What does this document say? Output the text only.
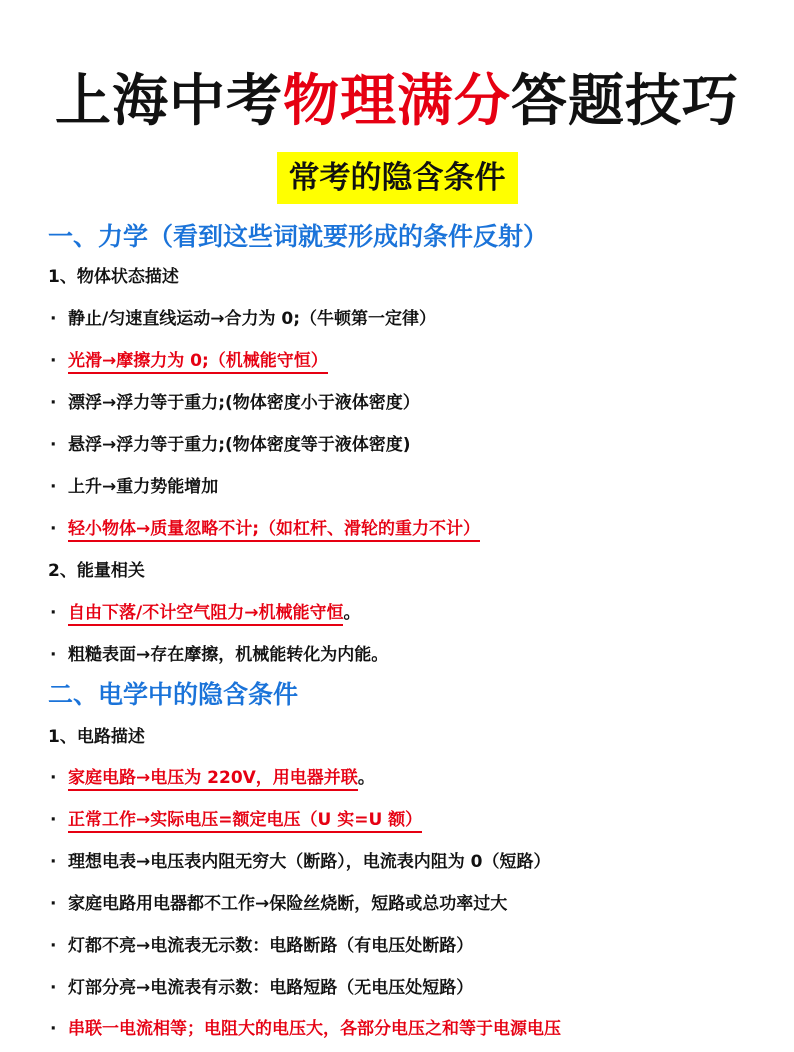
上海中考物理满分答题技巧
常考的隐含条件
一、力学（看到这些词就要形成的条件反射）
1、物体状态描述
· 静止/匀速直线运动→合力为 0;（牛顿第一定律）
· 光滑→摩擦力为 0;（机械能守恒）
· 漂浮→浮力等于重力;(物体密度小于液体密度）
· 悬浮→浮力等于重力;(物体密度等于液体密度)
· 上升→重力势能增加
· 轻小物体→质量忽略不计;（如杠杆、滑轮的重力不计）
2、能量相关
· 自由下落/不计空气阻力→机械能守恒。
· 粗糙表面→存在摩擦，机械能转化为内能。
二、电学中的隐含条件
1、电路描述
· 家庭电路→电压为 220V，用电器并联。
· 正常工作→实际电压=额定电压（U 实=U 额）
· 理想电表→电压表内阻无穷大（断路），电流表内阻为 0（短路）
· 家庭电路用电器都不工作→保险丝烧断，短路或总功率过大
· 灯都不亮→电流表无示数：电路断路（有电压处断路）
· 灯部分亮→电流表有示数：电路短路（无电压处短路）
· 串联一电流相等；电阻大的电压大，各部分电压之和等于电源电压
